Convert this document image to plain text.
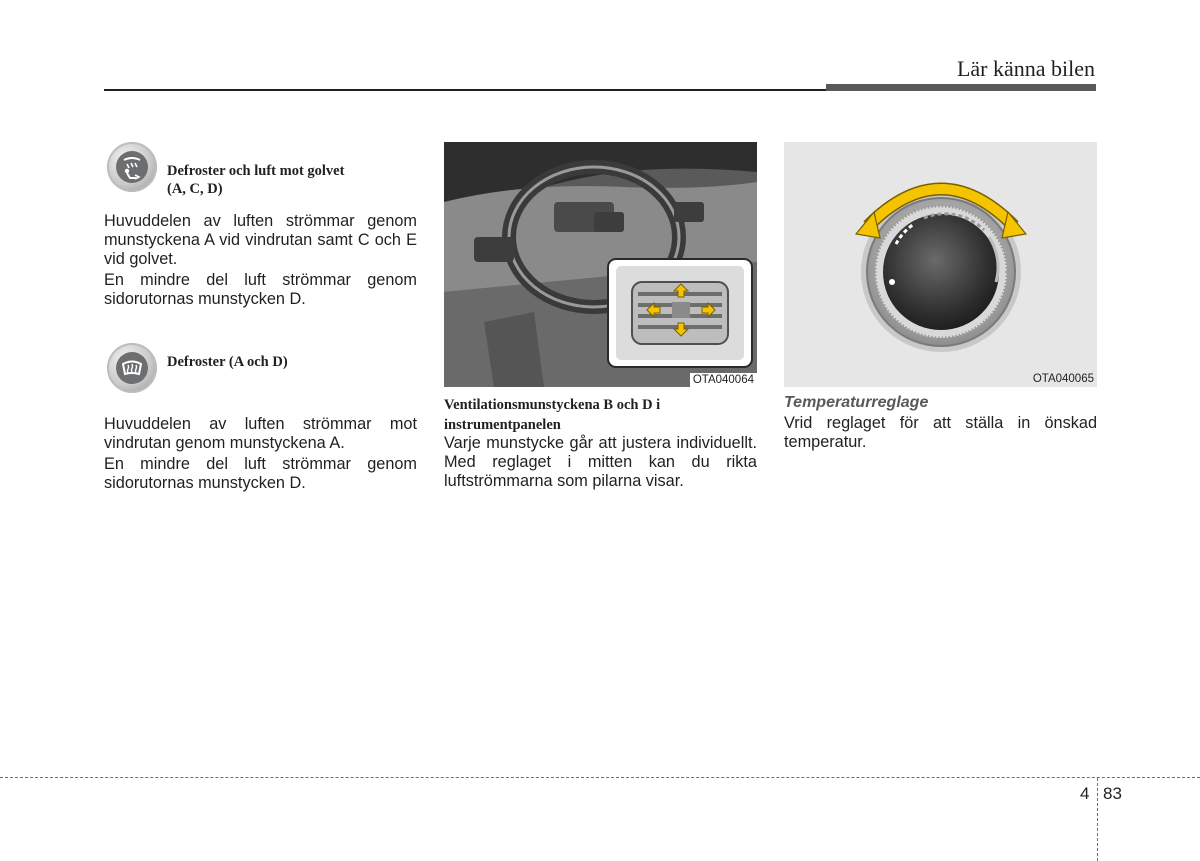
Lär känna bilen
Defroster och luft mot golvet
(A, C, D)

Huvuddelen av luften strömmar genom munstyckena A vid vindrutan samt C och E vid golvet.

En mindre del luft strömmar genom sidorutornas munstycken D.

Defroster (A och D)

Huvuddelen av luften strömmar mot vindrutan genom munstyckena A.

En mindre del luft strömmar genom sidorutornas munstycken D.

OTA040064

Ventilationsmunstyckena B och D i instrumentpanelen

Varje munstycke går att justera individuellt. Med reglaget i mitten kan du rikta luftströmmarna som pilarna visar.

OTA040065

Temperaturreglage

Vrid reglaget för att ställa in önskad temperatur.

4 83
